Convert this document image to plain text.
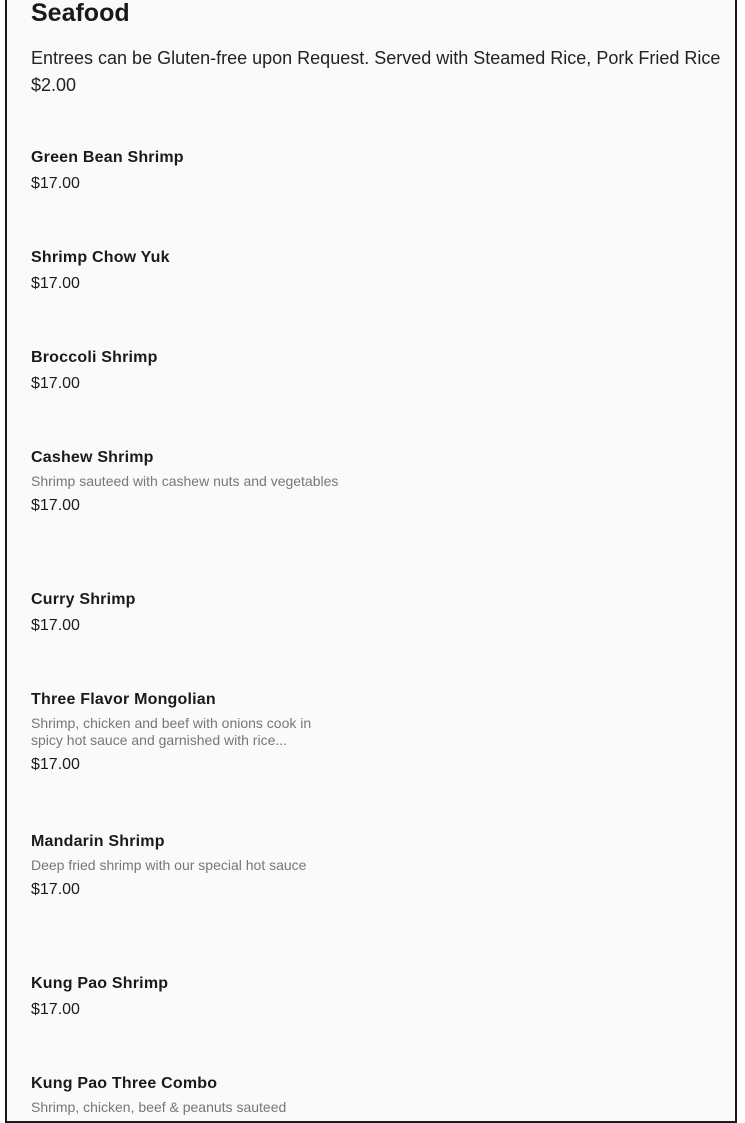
Seafood

Entrees can be Gluten-free upon Request. Served with Steamed Rice, Pork Fried Rice $2.00

Green Bean Shrimp

$17.00

Shrimp Chow Yuk

$17.00

Broccoli Shrimp

$17.00

Cashew Shrimp

Shrimp sauteed with cashew nuts and vegetables

$17.00

Curry Shrimp

$17.00

Three Flavor Mongolian

Shrimp, chicken and beef with onions cook in spicy hot sauce and garnished with rice...

$17.00

Mandarin Shrimp

Deep fried shrimp with our special hot sauce

$17.00

Kung Pao Shrimp

$17.00

Kung Pao Three Combo

Shrimp, chicken, beef & peanuts sauteed
